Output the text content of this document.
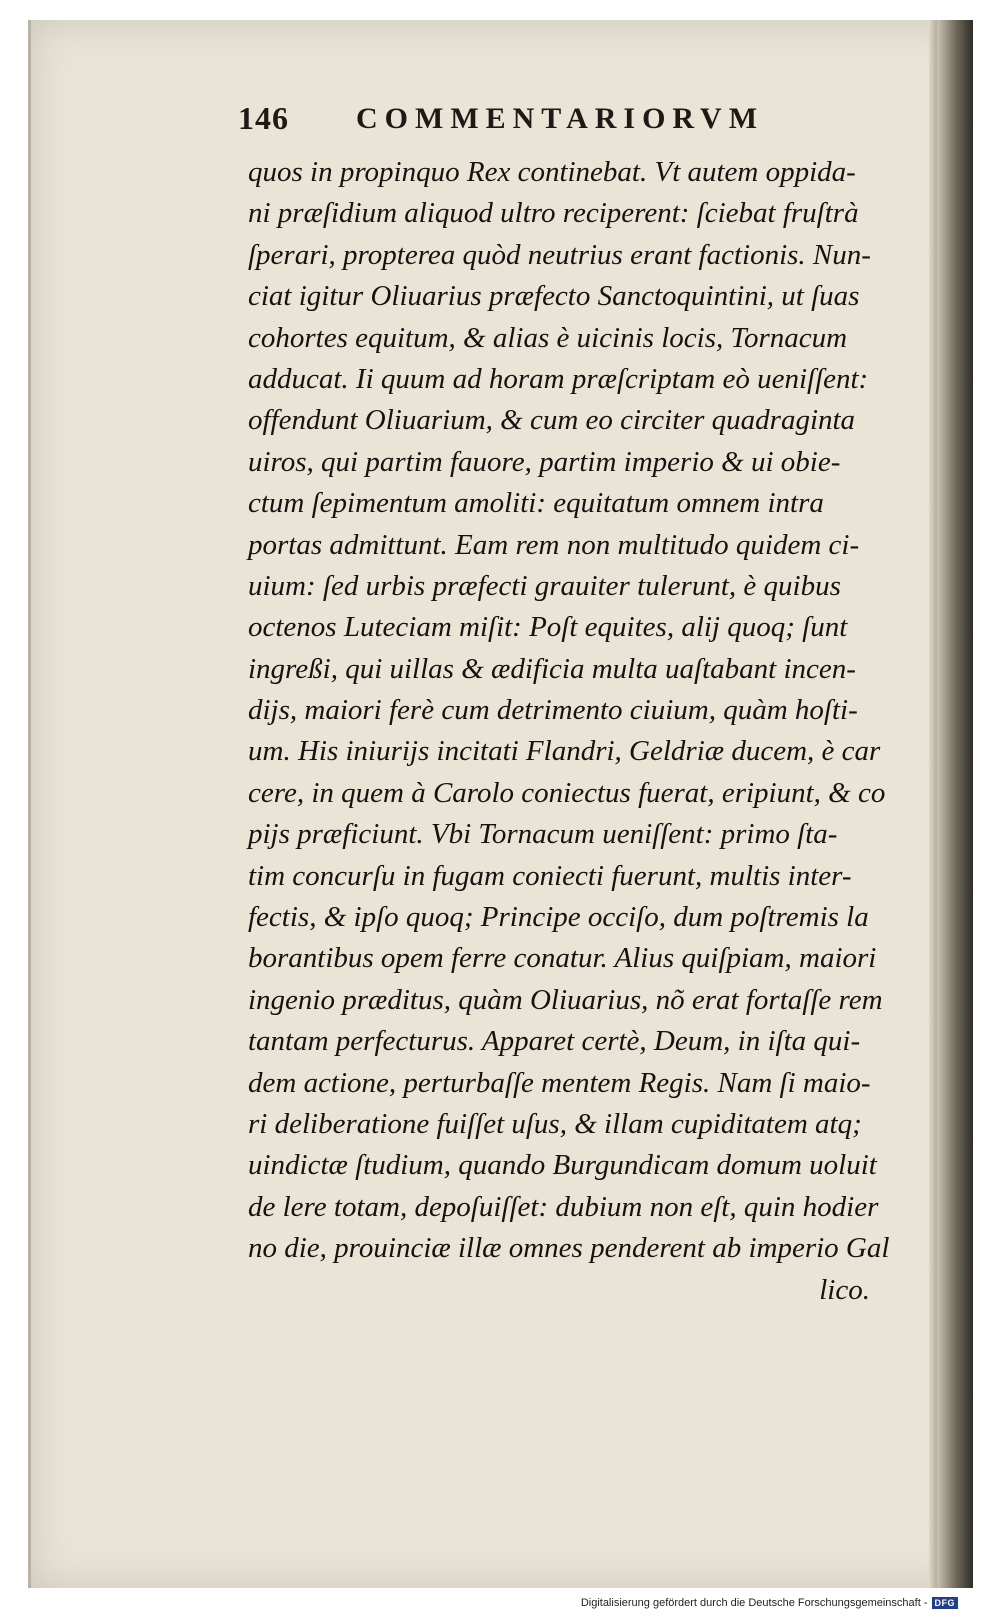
146 COMMENTARIORVM
quos in propinquo Rex continebat. Vt autem oppida-
ni præſidium aliquod ultro reciperent: ſciebat fruſtrà
ſperari, propterea quòd neutrius erant factionis. Nun-
ciat igitur Oliuarius præfecto Sanctoquintini, ut ſuas
cohortes equitum, & alias è uicinis locis, Tornacum
adducat. Ii quum ad horam præſcriptam eò ueniſſent:
offendunt Oliuarium, & cum eo circiter quadraginta
uiros, qui partim fauore, partim imperio & ui obie-
ctum ſepimentum amoliti: equitatum omnem intra
portas admittunt. Eam rem non multitudo quidem ci-
uium: ſed urbis præfecti grauiter tulerunt, è quibus
octenos Luteciam miſit: Poſt equites, alij quoq; ſunt
ingreßi, qui uillas & ædificia multa uaſtabant incen-
dijs, maiori ferè cum detrimento ciuium, quàm hoſti-
um. His iniurijs incitati Flandri, Geldriæ ducem, è car
cere, in quem à Carolo coniectus fuerat, eripiunt, & co
pijs præficiunt. Vbi Tornacum ueniſſent: primo ſta-
tim concurſu in fugam coniecti fuerunt, multis inter-
fectis, & ipſo quoq; Principe occiſo, dum poſtremis la
borantibus opem ferre conatur. Alius quiſpiam, maiori
ingenio præditus, quàm Oliuarius, nõ erat fortaſſe rem
tantam perfecturus. Apparet certè, Deum, in iſta qui-
dem actione, perturbaſſe mentem Regis. Nam ſi maio-
ri deliberatione fuiſſet uſus, & illam cupiditatem atq;
uindictæ ſtudium, quando Burgundicam domum uoluit
de lere totam, depoſuiſſet: dubium non eſt, quin hodier
no die, prouinciæ illæ omnes penderent ab imperio Gal
lico.
Digitalisierung gefördert durch die Deutsche Forschungsgemeinschaft - DFG
